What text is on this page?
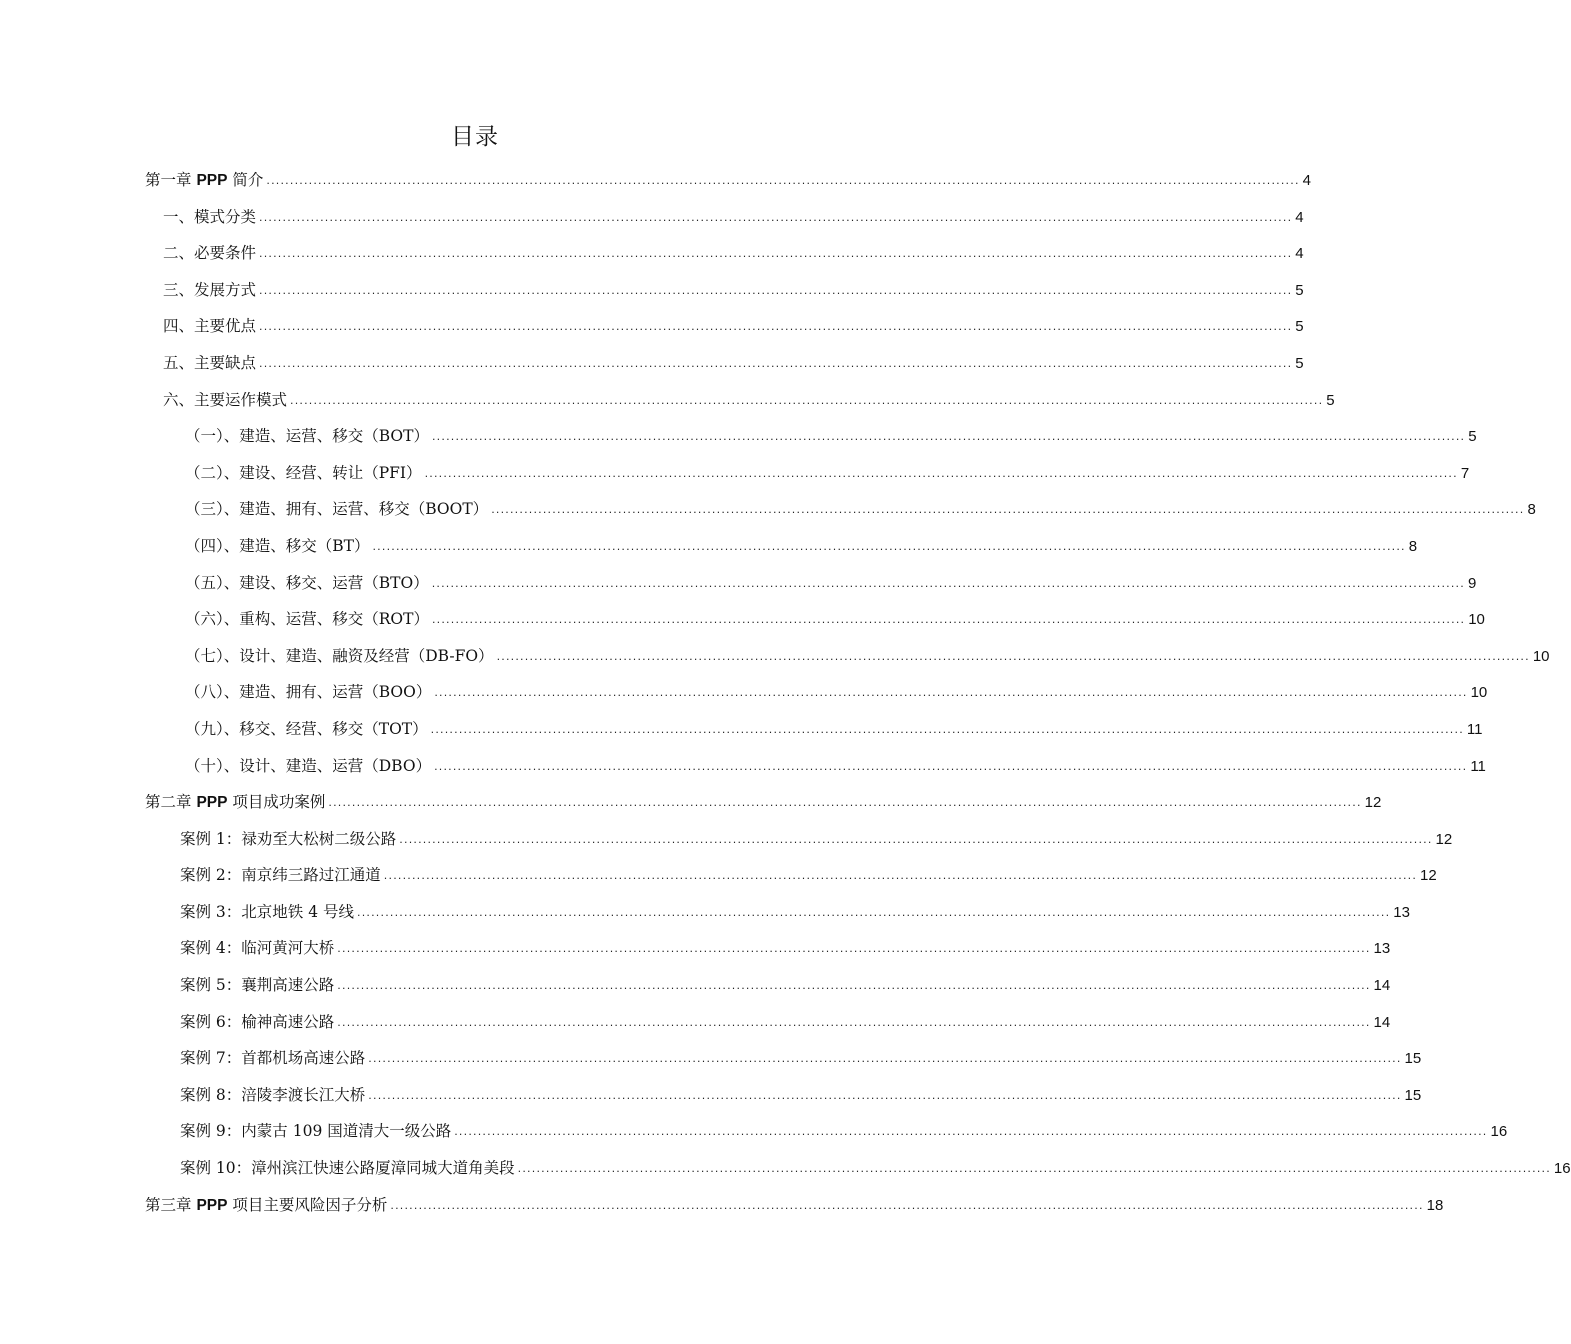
目录
第一章 PPP 简介 ............................................................................................................................................................................................................................ 4
一、模式分类 ............................................................................................................................................................................................................................ 4
二、必要条件 ............................................................................................................................................................................................................................ 4
三、发展方式 ............................................................................................................................................................................................................................ 5
四、主要优点 ............................................................................................................................................................................................................................ 5
五、主要缺点 ............................................................................................................................................................................................................................ 5
六、主要运作模式 ............................................................................................................................................................................................................................ 5
（一）、建造、运营、移交（BOT） ............................................................................................................................................................................................................................ 5
（二）、建设、经营、转让（PFI） ............................................................................................................................................................................................................................ 7
（三）、建造、拥有、运营、移交（BOOT） ............................................................................................................................................................................................................................ 8
（四）、建造、移交（BT） ............................................................................................................................................................................................................................ 8
（五）、建设、移交、运营（BTO） ............................................................................................................................................................................................................................ 9
（六）、重构、运营、移交（ROT） ............................................................................................................................................................................................................................ 10
（七）、设计、建造、融资及经营（DB-FO） ............................................................................................................................................................................................................................ 10
（八）、建造、拥有、运营（BOO） ............................................................................................................................................................................................................................ 10
（九）、移交、经营、移交（TOT） ............................................................................................................................................................................................................................ 11
（十）、设计、建造、运营（DBO） ............................................................................................................................................................................................................................ 11
第二章 PPP 项目成功案例 ............................................................................................................................................................................................................................ 12
案例 1：禄劝至大松树二级公路 ............................................................................................................................................................................................................................ 12
案例 2：南京纬三路过江通道 ............................................................................................................................................................................................................................ 12
案例 3：北京地铁 4 号线 ............................................................................................................................................................................................................................ 13
案例 4：临河黄河大桥 ............................................................................................................................................................................................................................ 13
案例 5：襄荆高速公路 ............................................................................................................................................................................................................................ 14
案例 6：榆神高速公路 ............................................................................................................................................................................................................................ 14
案例 7：首都机场高速公路 ............................................................................................................................................................................................................................ 15
案例 8：涪陵李渡长江大桥 ............................................................................................................................................................................................................................ 15
案例 9：内蒙古 109 国道清大一级公路 ............................................................................................................................................................................................................................ 16
案例 10：漳州滨江快速公路厦漳同城大道角美段 ............................................................................................................................................................................................................................ 16
第三章 PPP 项目主要风险因子分析 ............................................................................................................................................................................................................................ 18
